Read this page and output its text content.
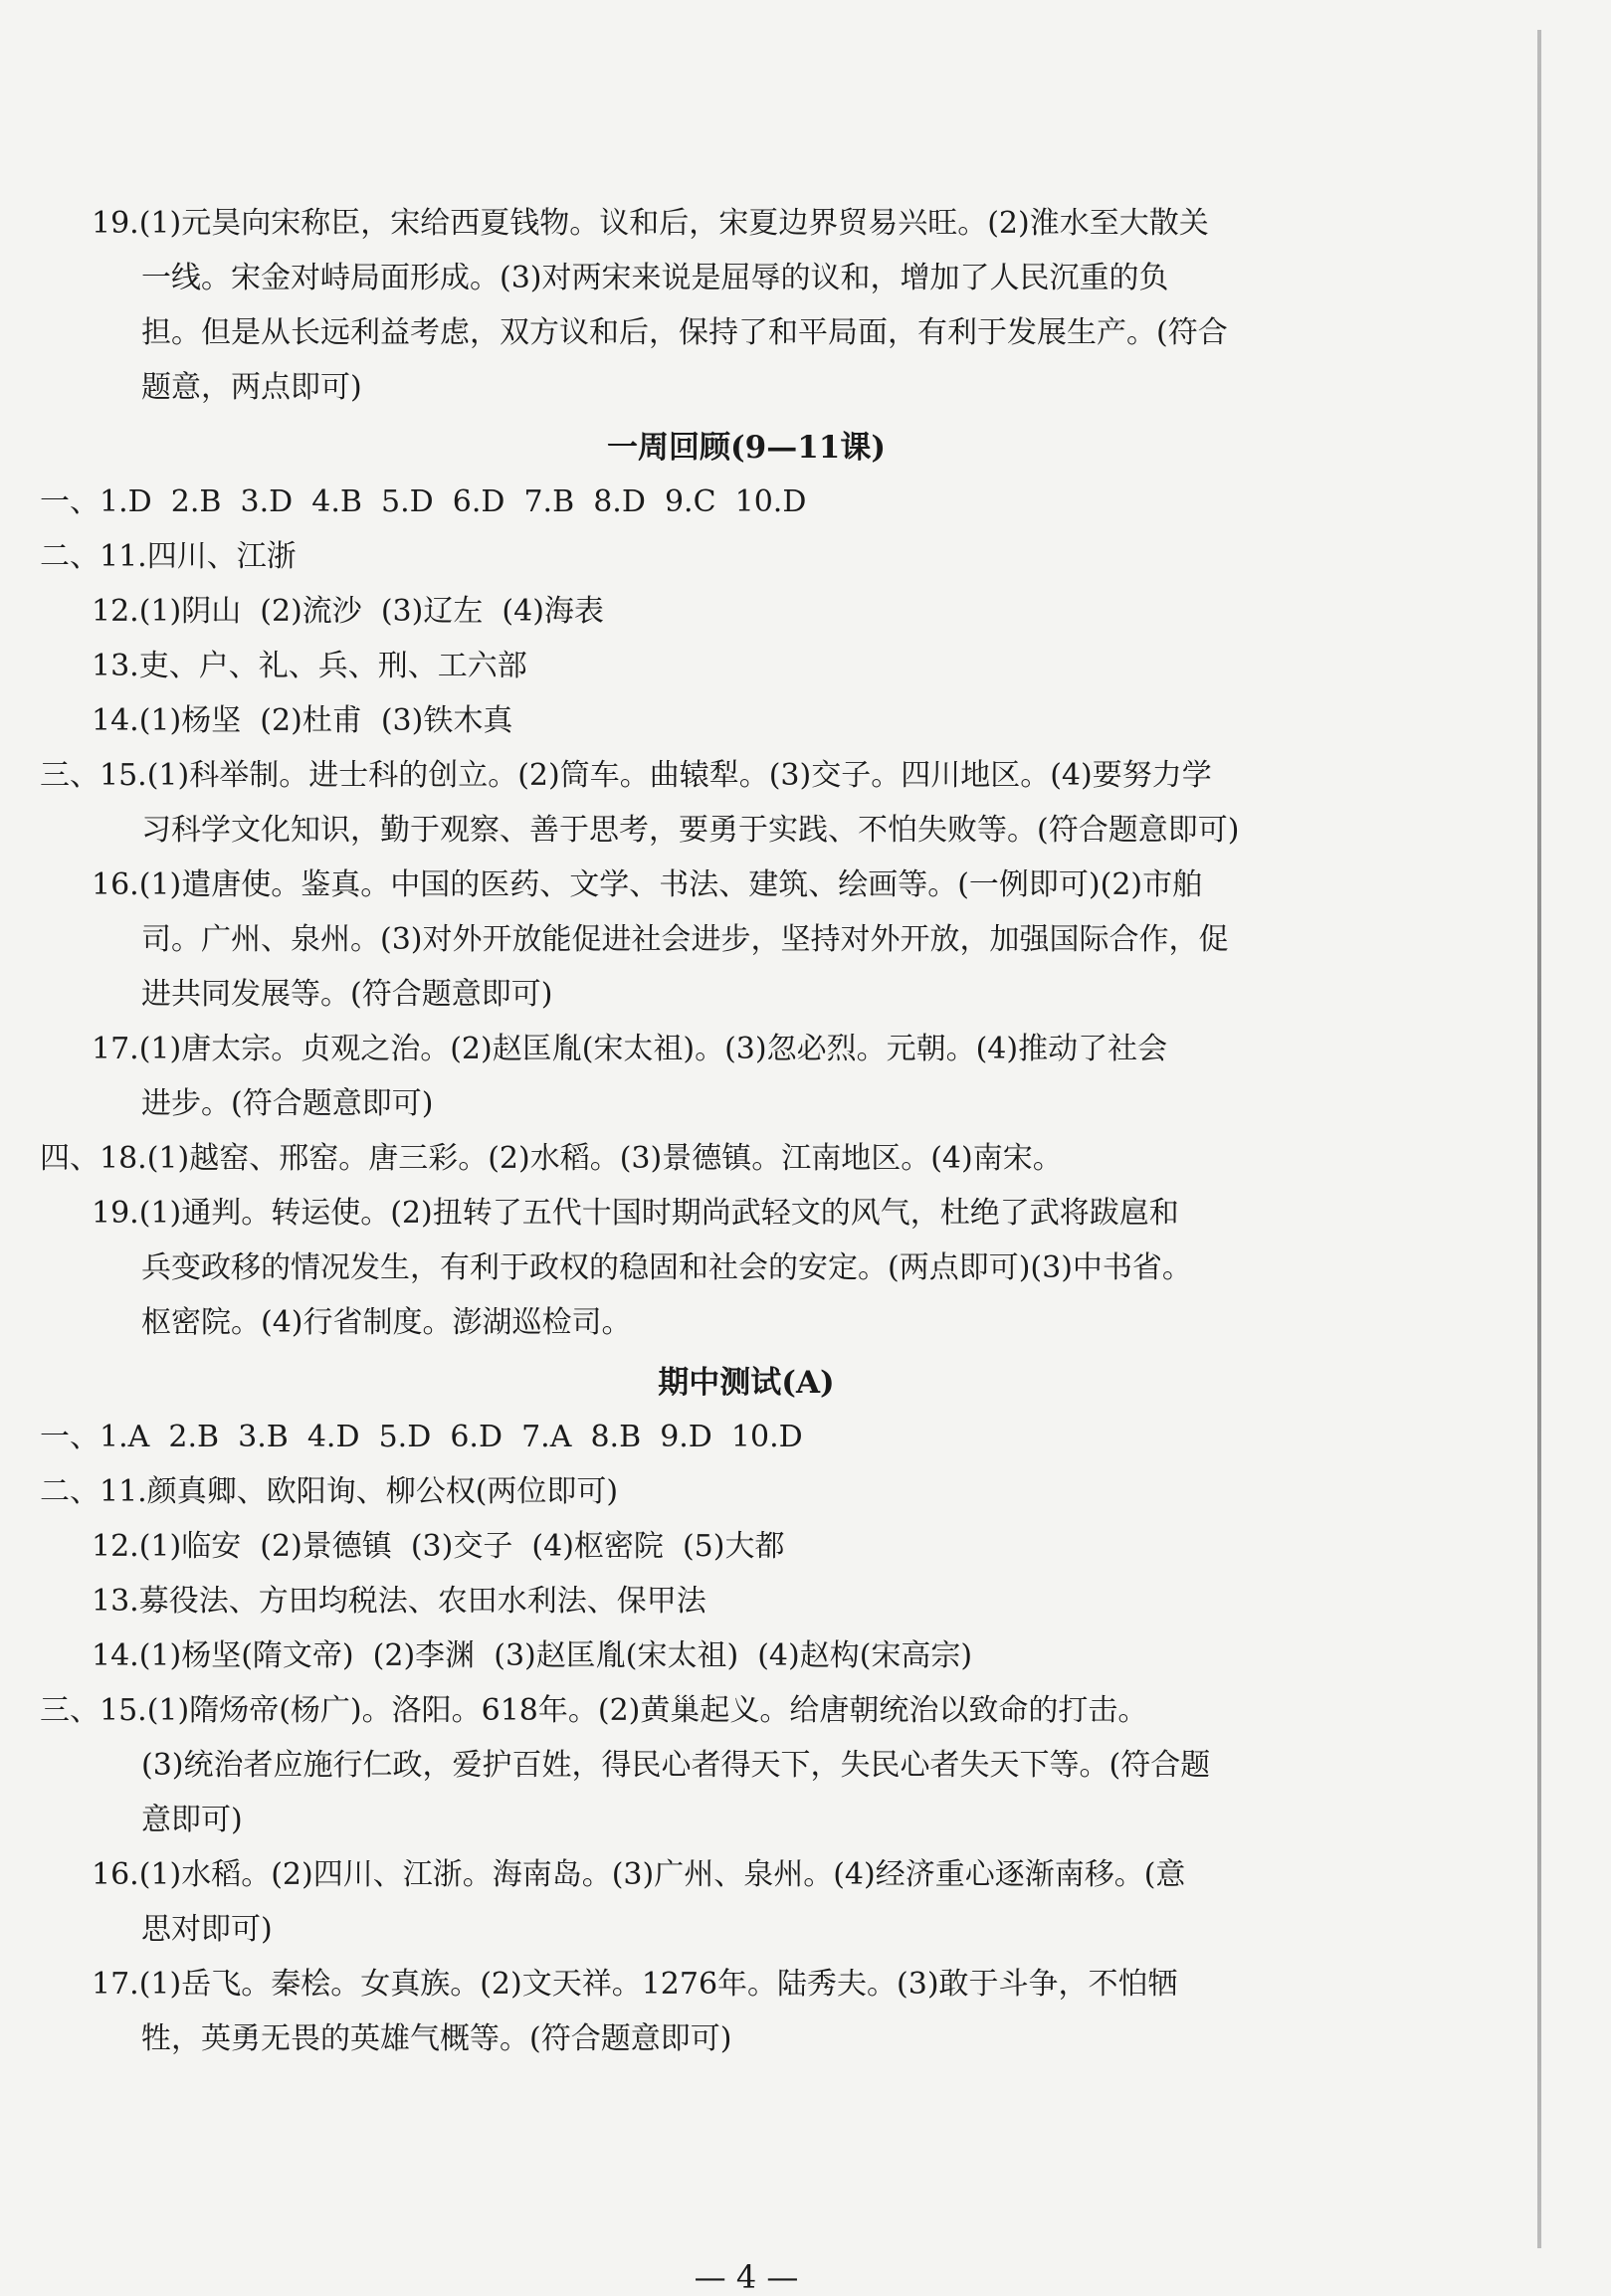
19.(1)元昊向宋称臣，宋给西夏钱物。议和后，宋夏边界贸易兴旺。(2)淮水至大散关
一线。宋金对峙局面形成。(3)对两宋来说是屈辱的议和，增加了人民沉重的负
担。但是从长远利益考虑，双方议和后，保持了和平局面，有利于发展生产。(符合
题意，两点即可)
一周回顾(9—11课)
一、1.D  2.B  3.D  4.B  5.D  6.D  7.B  8.D  9.C  10.D
二、11.四川、江浙
12.(1)阴山  (2)流沙  (3)辽左  (4)海表
13.吏、户、礼、兵、刑、工六部
14.(1)杨坚  (2)杜甫  (3)铁木真
三、15.(1)科举制。进士科的创立。(2)筒车。曲辕犁。(3)交子。四川地区。(4)要努力学
习科学文化知识，勤于观察、善于思考，要勇于实践、不怕失败等。(符合题意即可)
16.(1)遣唐使。鉴真。中国的医药、文学、书法、建筑、绘画等。(一例即可)(2)市舶
司。广州、泉州。(3)对外开放能促进社会进步，坚持对外开放，加强国际合作，促
进共同发展等。(符合题意即可)
17.(1)唐太宗。贞观之治。(2)赵匡胤(宋太祖)。(3)忽必烈。元朝。(4)推动了社会
进步。(符合题意即可)
四、18.(1)越窑、邢窑。唐三彩。(2)水稻。(3)景德镇。江南地区。(4)南宋。
19.(1)通判。转运使。(2)扭转了五代十国时期尚武轻文的风气，杜绝了武将跋扈和
兵变政移的情况发生，有利于政权的稳固和社会的安定。(两点即可)(3)中书省。
枢密院。(4)行省制度。澎湖巡检司。
期中测试(A)
一、1.A  2.B  3.B  4.D  5.D  6.D  7.A  8.B  9.D  10.D
二、11.颜真卿、欧阳询、柳公权(两位即可)
12.(1)临安  (2)景德镇  (3)交子  (4)枢密院  (5)大都
13.募役法、方田均税法、农田水利法、保甲法
14.(1)杨坚(隋文帝)  (2)李渊  (3)赵匡胤(宋太祖)  (4)赵构(宋高宗)
三、15.(1)隋炀帝(杨广)。洛阳。618年。(2)黄巢起义。给唐朝统治以致命的打击。
(3)统治者应施行仁政，爱护百姓，得民心者得天下，失民心者失天下等。(符合题
意即可)
16.(1)水稻。(2)四川、江浙。海南岛。(3)广州、泉州。(4)经济重心逐渐南移。(意
思对即可)
17.(1)岳飞。秦桧。女真族。(2)文天祥。1276年。陆秀夫。(3)敢于斗争，不怕牺
牲，英勇无畏的英雄气概等。(符合题意即可)
— 4 —
